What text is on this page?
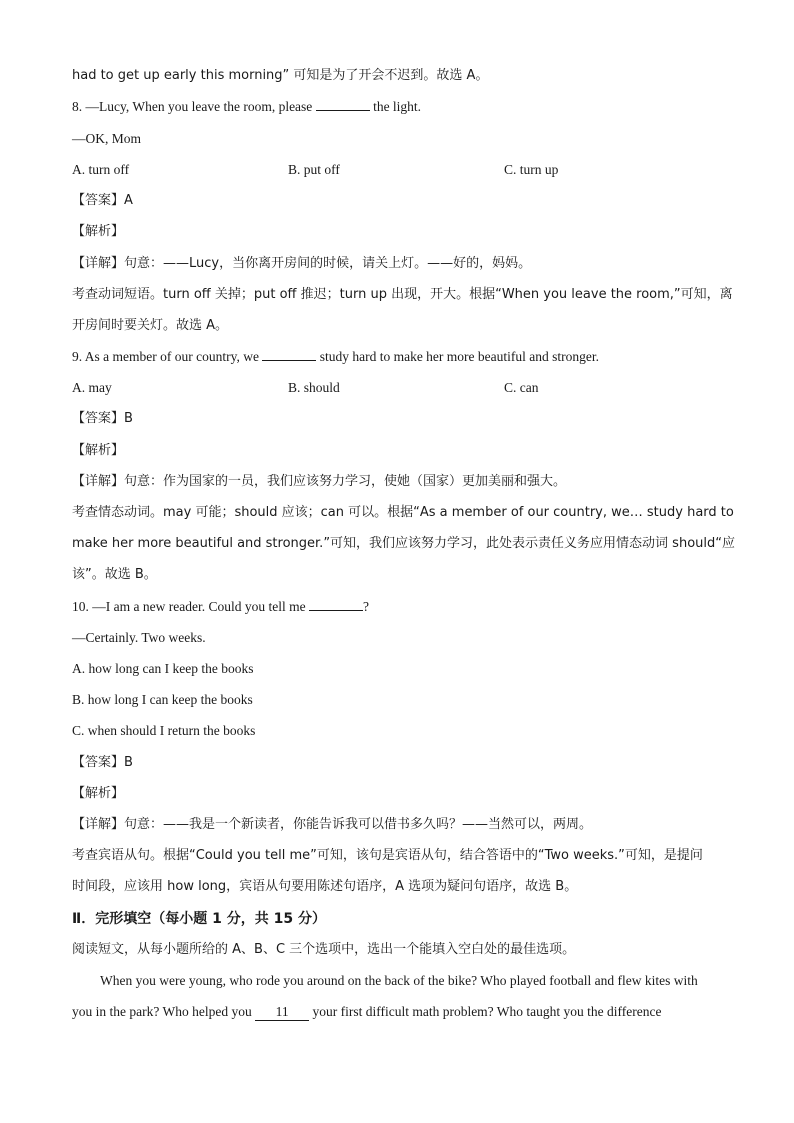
had to get up early this morning” 可知是为了开会不迟到。故选 A。
8. —Lucy, When you leave the room, please	the light.
—OK, Mom
A. turn off	B. put off	C. turn up
【答案】A
【解析】
【详解】句意：——Lucy，当你离开房间的时候，请关上灯。——好的，妈妈。
考查动词短语。turn off 关掉；put off 推迟；turn up 出现，开大。根据“When you leave the room,”可知，离
开房间时要关灯。故选 A。
9. As a member of our country, we	study hard to make her more beautiful and stronger.
A. may	B. should	C. can
【答案】B
【解析】
【详解】句意：作为国家的一员，我们应该努力学习，使她（国家）更加美丽和强大。
考查情态动词。may 可能；should 应该；can 可以。根据“As a member of our country, we… study hard to
make her more beautiful and stronger.”可知，我们应该努力学习，此处表示责任义务应用情态动词 should“应
该”。故选 B。
10. —I am a new reader. Could you tell me	?
—Certainly. Two weeks.
A. how long can I keep the books
B. how long I can keep the books
C. when should I return the books
【答案】B
【解析】
【详解】句意：——我是一个新读者，你能告诉我可以借书多久吗？——当然可以，两周。
考查宾语从句。根据“Could you tell me”可知，该句是宾语从句，结合答语中的“Two weeks.”可知，是提问
时间段，应该用 how long，宾语从句要用陈述句语序，A 选项为疑问句语序，故选 B。
Ⅱ．完形填空（每小题 1 分，共 15 分）
阅读短文，从每小题所给的 A、B、C 三个选项中，选出一个能填入空白处的最佳选项。
When you were young, who rode you around on the back of the bike? Who played football and flew kites with
you in the park? Who helped you 11 your first difficult math problem? Who taught you the difference
